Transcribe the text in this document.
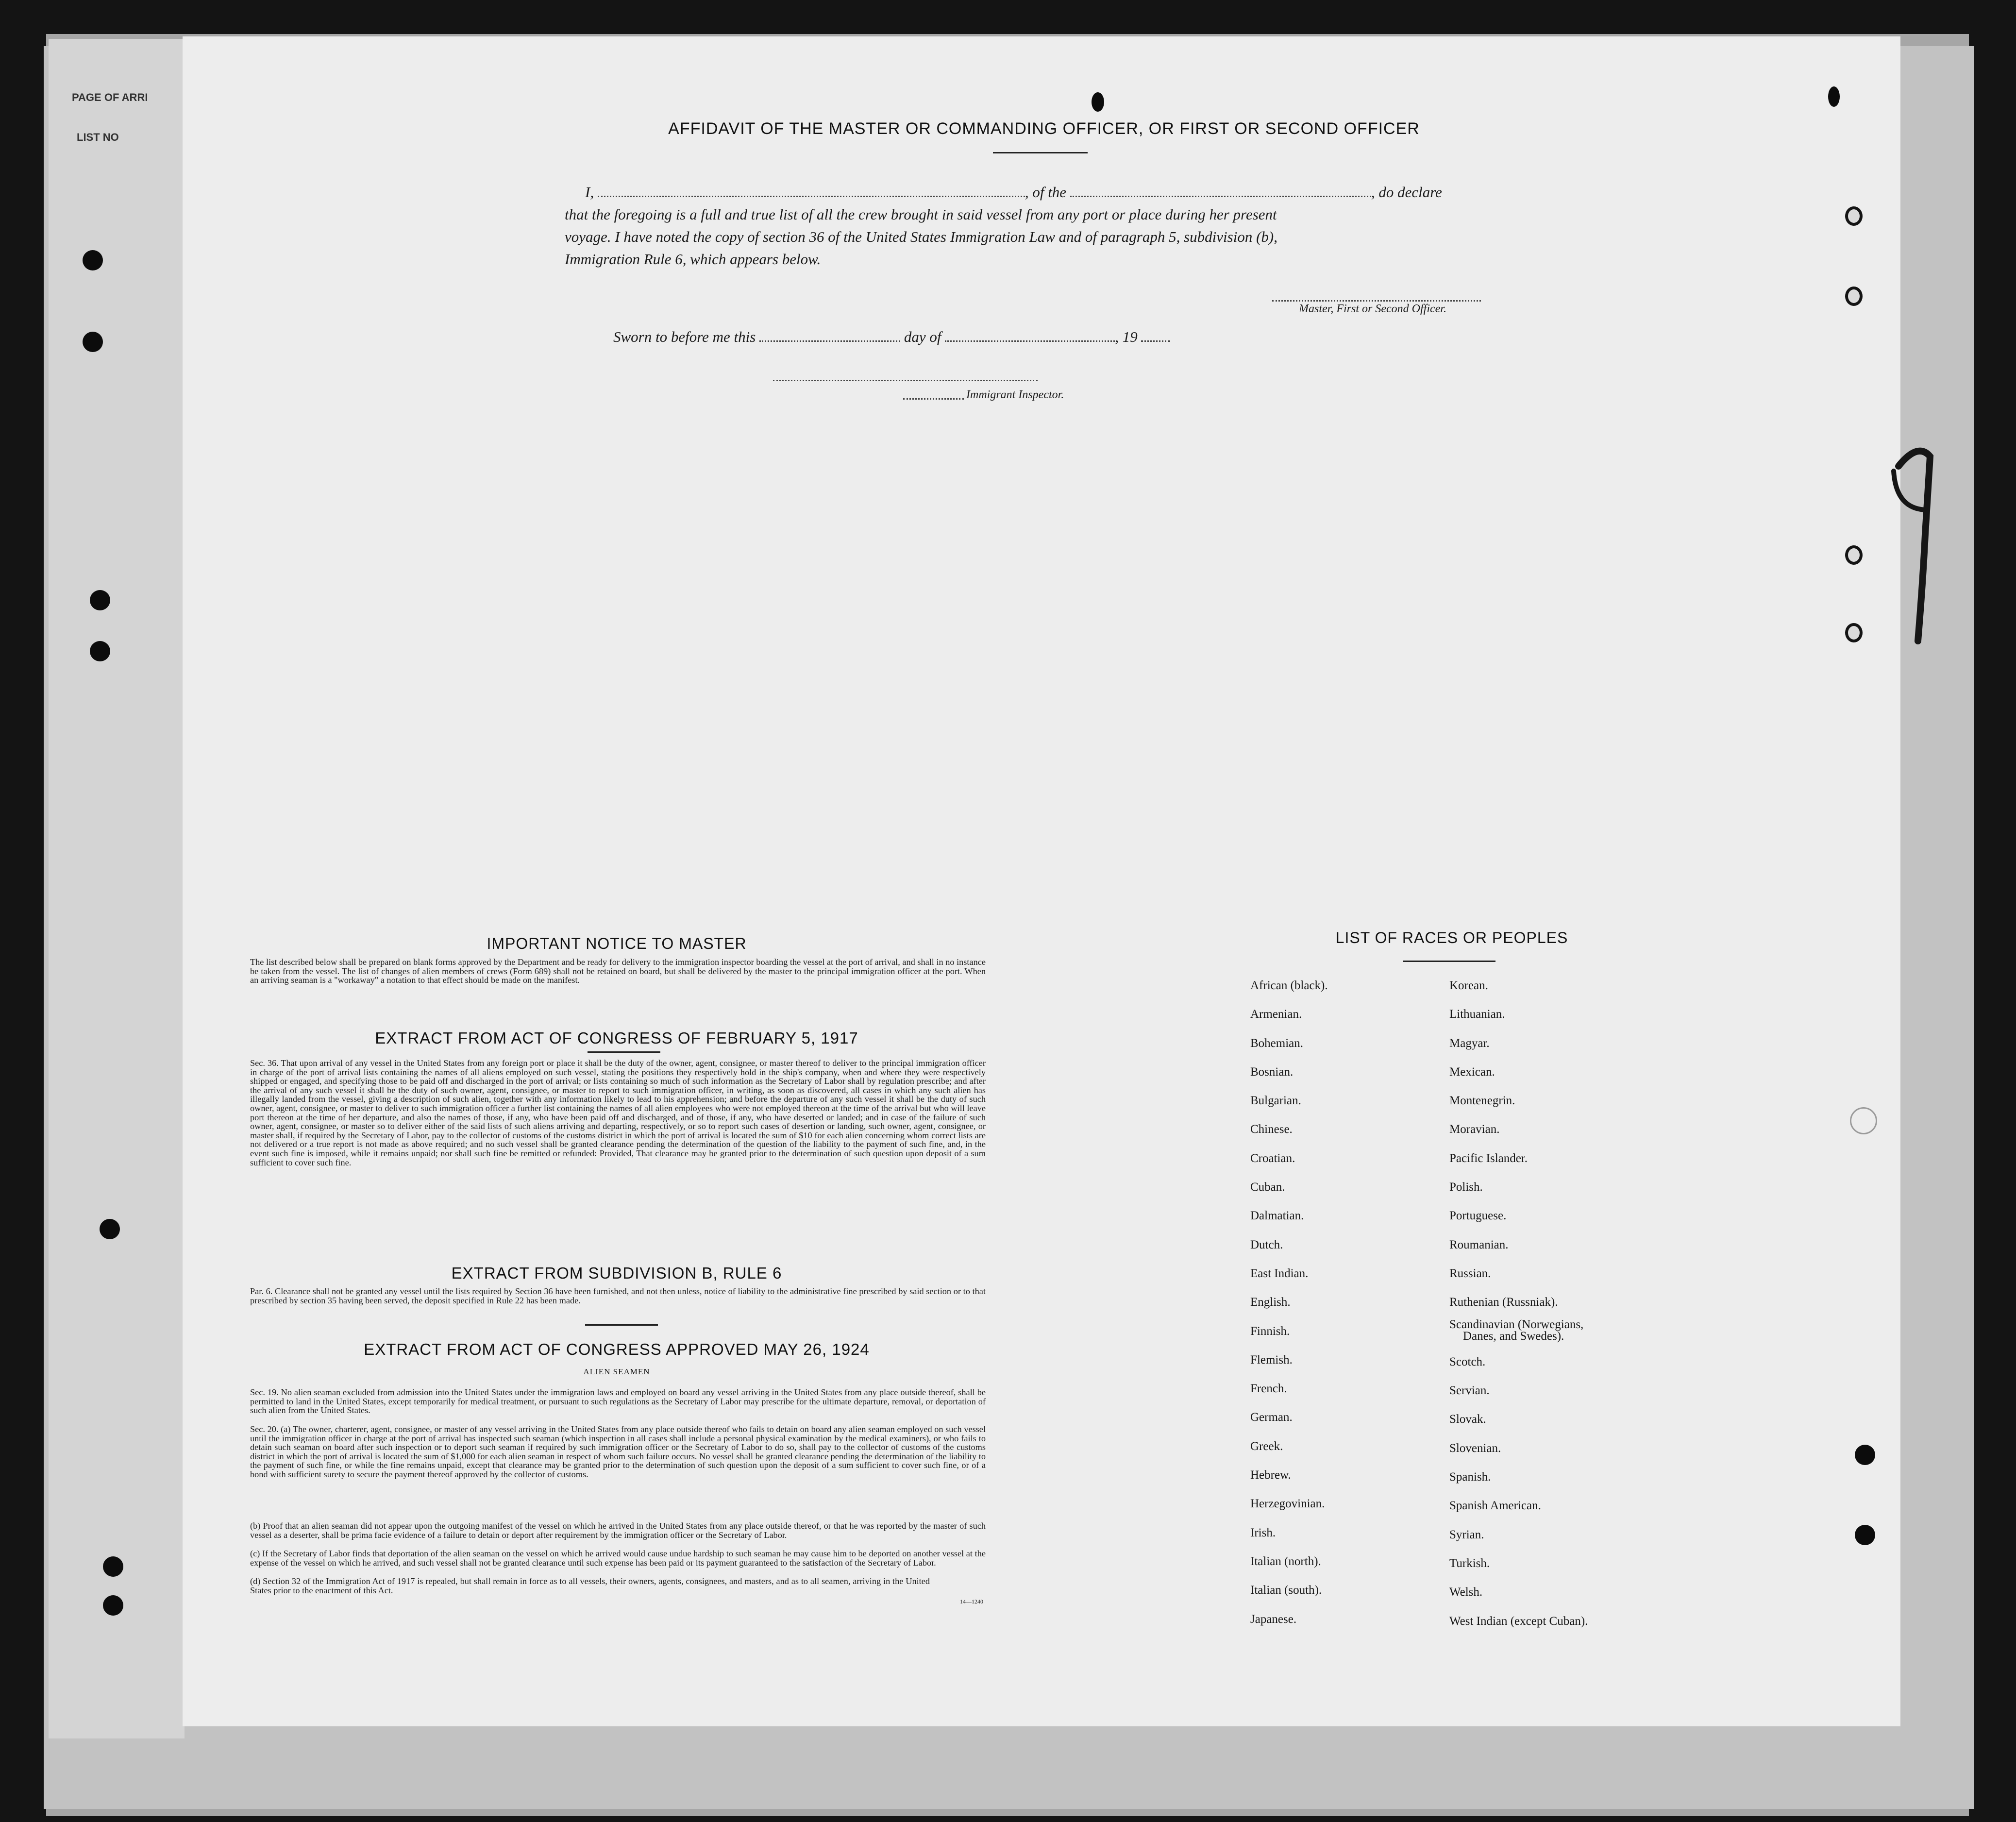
PAGE OF ARRI
LIST NO
4
AFFIDAVIT OF THE MASTER OR COMMANDING OFFICER, OR FIRST OR SECOND OFFICER
I,	, of the	, do declare
that the foregoing is a full and true list of all the crew brought in said vessel from any port or place during her present
voyage. I have noted the copy of section 36 of the United States Immigration Law and of paragraph 5, subdivision (b),
Immigration Rule 6, which appears below.
Master, First or Second Officer.
Sworn to before me this	day of	, 19
Immigrant Inspector.
IMPORTANT NOTICE TO MASTER
The list described below shall be prepared on blank forms approved by the Department and be ready for delivery to the immigration inspector boarding the vessel at the port of arrival, and shall in no instance be taken from the vessel. The list of changes of alien members of crews (Form 689) shall not be retained on board, but shall be delivered by the master to the principal immigration officer at the port. When an arriving seaman is a "workaway" a notation to that effect should be made on the manifest.
EXTRACT FROM ACT OF CONGRESS OF FEBRUARY 5, 1917
Sec. 36. That upon arrival of any vessel in the United States from any foreign port or place it shall be the duty of the owner, agent, consignee, or master thereof to deliver to the principal immigration officer in charge of the port of arrival lists containing the names of all aliens employed on such vessel, stating the positions they respectively hold in the ship's company, when and where they were respectively shipped or engaged, and specifying those to be paid off and discharged in the port of arrival; or lists containing so much of such information as the Secretary of Labor shall by regulation prescribe; and after the arrival of any such vessel it shall be the duty of such owner, agent, consignee, or master to report to such immigration officer, in writing, as soon as discovered, all cases in which any such alien has illegally landed from the vessel, giving a description of such alien, together with any information likely to lead to his apprehension; and before the departure of any such vessel it shall be the duty of such owner, agent, consignee, or master to deliver to such immigration officer a further list containing the names of all alien employees who were not employed thereon at the time of the arrival but who will leave port thereon at the time of her departure, and also the names of those, if any, who have been paid off and discharged, and of those, if any, who have deserted or landed; and in case of the failure of such owner, agent, consignee, or master so to deliver either of the said lists of such aliens arriving and departing, respectively, or so to report such cases of desertion or landing, such owner, agent, consignee, or master shall, if required by the Secretary of Labor, pay to the collector of customs of the customs district in which the port of arrival is located the sum of $10 for each alien concerning whom correct lists are not delivered or a true report is not made as above required; and no such vessel shall be granted clearance pending the determination of the question of the liability to the payment of such fine, and, in the event such fine is imposed, while it remains unpaid; nor shall such fine be remitted or refunded: Provided, That clearance may be granted prior to the determination of such question upon deposit of a sum sufficient to cover such fine.
EXTRACT FROM SUBDIVISION B, RULE 6
Par. 6. Clearance shall not be granted any vessel until the lists required by Section 36 have been furnished, and not then unless, notice of liability to the administrative fine prescribed by said section or to that prescribed by section 35 having been served, the deposit specified in Rule 22 has been made.
EXTRACT FROM ACT OF CONGRESS APPROVED MAY 26, 1924
ALIEN SEAMEN
Sec. 19. No alien seaman excluded from admission into the United States under the immigration laws and employed on board any vessel arriving in the United States from any place outside thereof, shall be permitted to land in the United States, except temporarily for medical treatment, or pursuant to such regulations as the Secretary of Labor may prescribe for the ultimate departure, removal, or deportation of such alien from the United States.
Sec. 20. (a) The owner, charterer, agent, consignee, or master of any vessel arriving in the United States from any place outside thereof who fails to detain on board any alien seaman employed on such vessel until the immigration officer in charge at the port of arrival has inspected such seaman (which inspection in all cases shall include a personal physical examination by the medical examiners), or who fails to detain such seaman on board after such inspection or to deport such seaman if required by such immigration officer or the Secretary of Labor to do so, shall pay to the collector of customs of the customs district in which the port of arrival is located the sum of $1,000 for each alien seaman in respect of whom such failure occurs. No vessel shall be granted clearance pending the determination of the liability to the payment of such fine, or while the fine remains unpaid, except that clearance may be granted prior to the determination of such question upon the deposit of a sum sufficient to cover such fine, or of a bond with sufficient surety to secure the payment thereof approved by the collector of customs.
(b) Proof that an alien seaman did not appear upon the outgoing manifest of the vessel on which he arrived in the United States from any place outside thereof, or that he was reported by the master of such vessel as a deserter, shall be prima facie evidence of a failure to detain or deport after requirement by the immigration officer or the Secretary of Labor.
(c) If the Secretary of Labor finds that deportation of the alien seaman on the vessel on which he arrived would cause undue hardship to such seaman he may cause him to be deported on another vessel at the expense of the vessel on which he arrived, and such vessel shall not be granted clearance until such expense has been paid or its payment guaranteed to the satisfaction of the Secretary of Labor.
(d) Section 32 of the Immigration Act of 1917 is repealed, but shall remain in force as to all vessels, their owners, agents, consignees, and masters, and as to all seamen, arriving in the United States prior to the enactment of this Act.
14—1240
LIST OF RACES OR PEOPLES
African (black).
Armenian.
Bohemian.
Bosnian.
Bulgarian.
Chinese.
Croatian.
Cuban.
Dalmatian.
Dutch.
East Indian.
English.
Finnish.
Flemish.
French.
German.
Greek.
Hebrew.
Herzegovinian.
Irish.
Italian (north).
Italian (south).
Japanese.
Korean.
Lithuanian.
Magyar.
Mexican.
Montenegrin.
Moravian.
Pacific Islander.
Polish.
Portuguese.
Roumanian.
Russian.
Ruthenian (Russniak).
Scandinavian (Norwegians,
Danes, and Swedes).
Scotch.
Servian.
Slovak.
Slovenian.
Spanish.
Spanish American.
Syrian.
Turkish.
Welsh.
West Indian (except Cuban).
